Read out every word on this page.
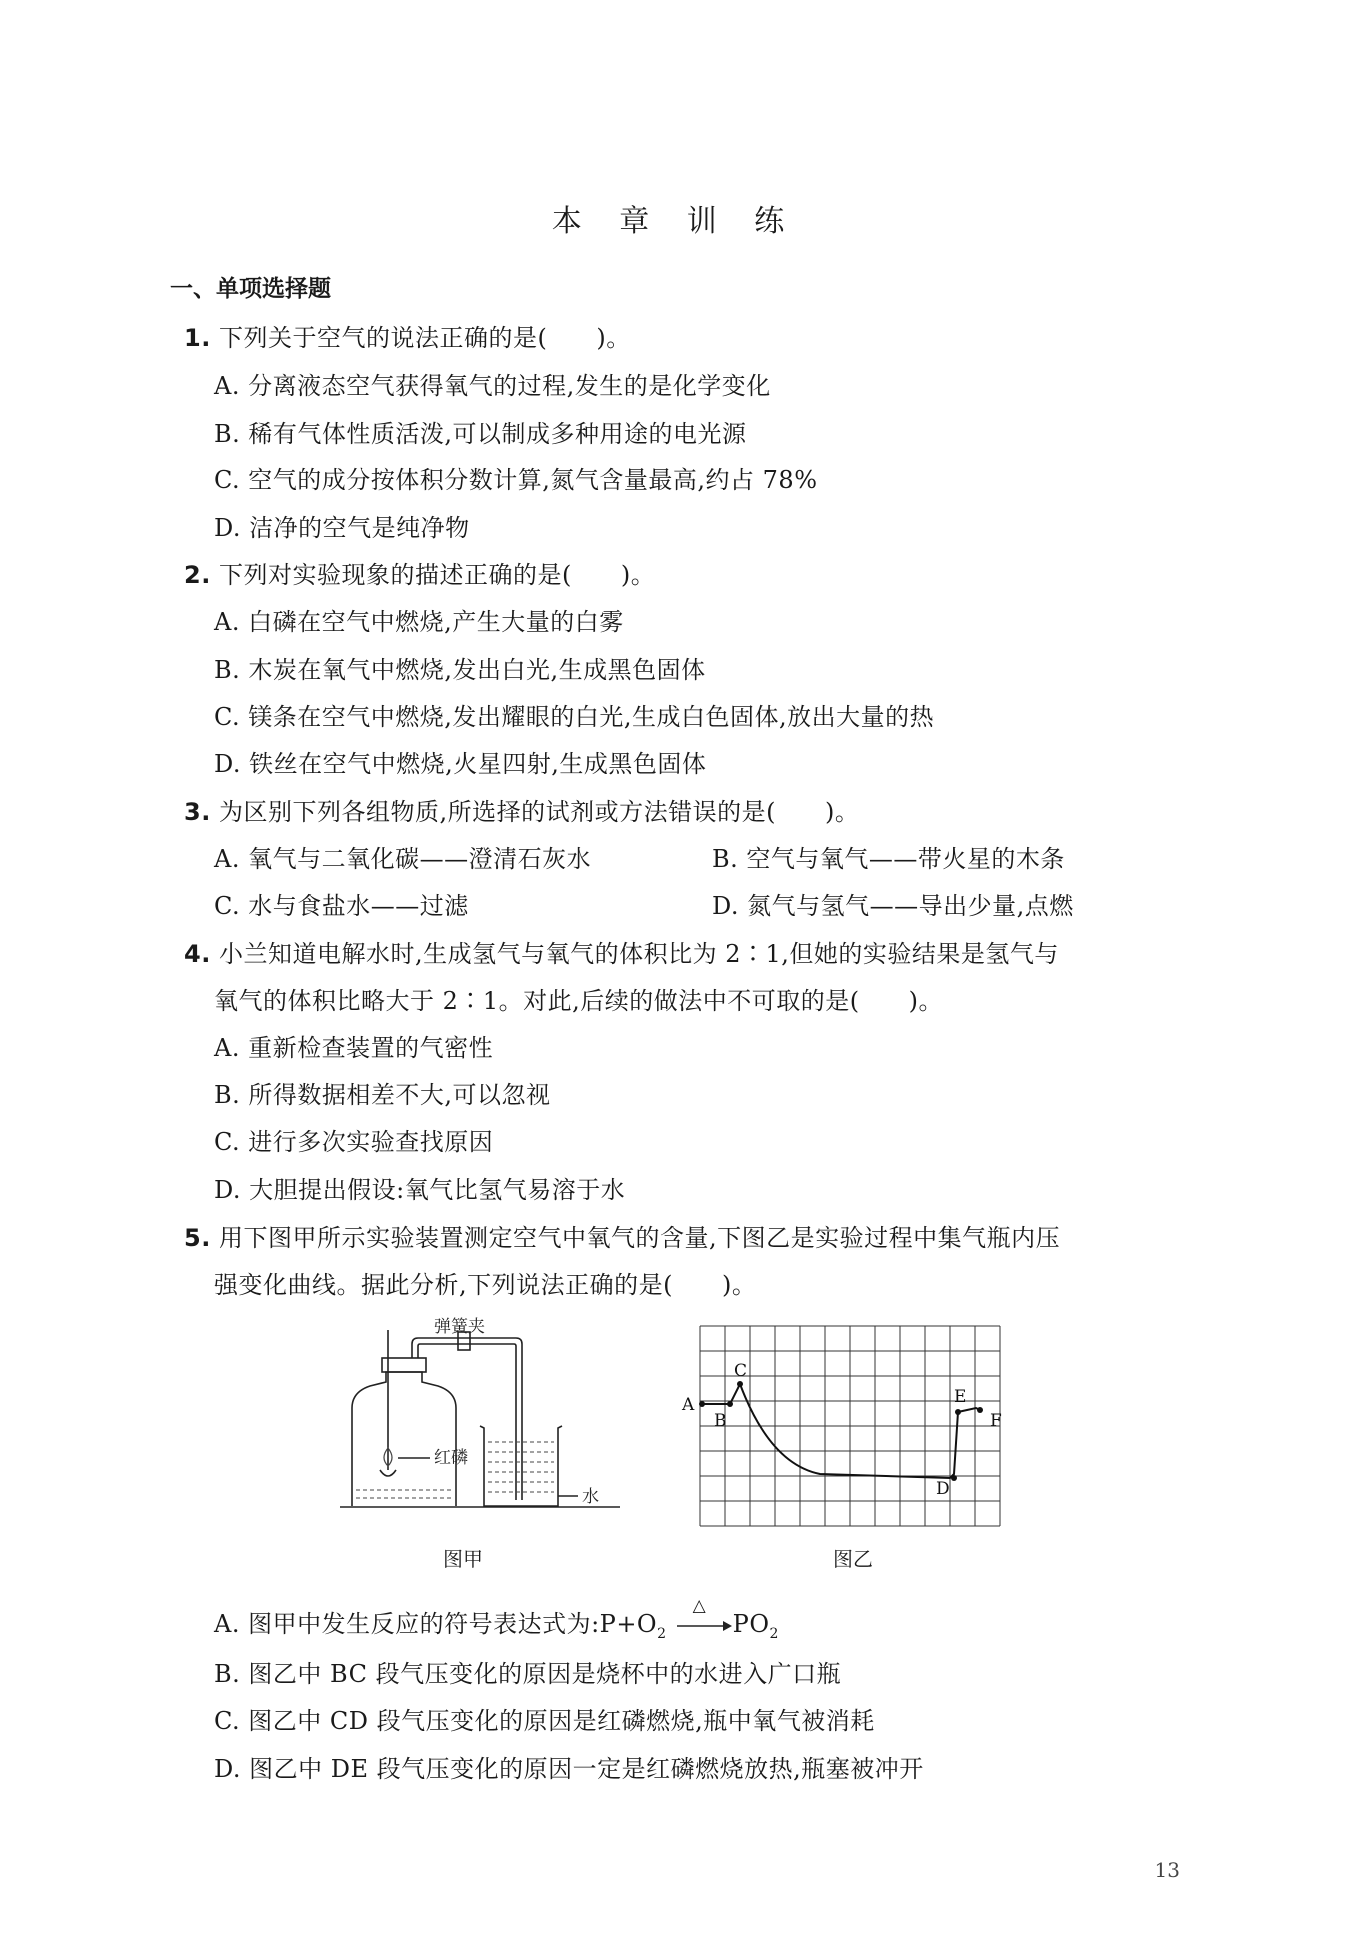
本 章 训 练
一、单项选择题
1. 下列关于空气的说法正确的是(　　)。
A. 分离液态空气获得氧气的过程,发生的是化学变化
B. 稀有气体性质活泼,可以制成多种用途的电光源
C. 空气的成分按体积分数计算,氮气含量最高,约占 78%
D. 洁净的空气是纯净物
2. 下列对实验现象的描述正确的是(　　)。
A. 白磷在空气中燃烧,产生大量的白雾
B. 木炭在氧气中燃烧,发出白光,生成黑色固体
C. 镁条在空气中燃烧,发出耀眼的白光,生成白色固体,放出大量的热
D. 铁丝在空气中燃烧,火星四射,生成黑色固体
3. 为区别下列各组物质,所选择的试剂或方法错误的是(　　)。
A. 氧气与二氧化碳——澄清石灰水	B. 空气与氧气——带火星的木条
C. 水与食盐水——过滤	D. 氮气与氢气——导出少量,点燃
4. 小兰知道电解水时,生成氢气与氧气的体积比为 2∶1,但她的实验结果是氢气与
氧气的体积比略大于 2∶1。对此,后续的做法中不可取的是(　　)。
A. 重新检查装置的气密性
B. 所得数据相差不大,可以忽视
C. 进行多次实验查找原因
D. 大胆提出假设:氧气比氢气易溶于水
5. 用下图甲所示实验装置测定空气中氧气的含量,下图乙是实验过程中集气瓶内压
强变化曲线。据此分析,下列说法正确的是(　　)。
弹簧夹
红磷
水
图甲
A
B
C
D
E
F
图乙
A. 图甲中发生反应的符号表达式为$:P+O_2$
△
$PO_2$
B. 图乙中 BC 段气压变化的原因是烧杯中的水进入广口瓶
C. 图乙中 CD 段气压变化的原因是红磷燃烧,瓶中氧气被消耗
D. 图乙中 DE 段气压变化的原因一定是红磷燃烧放热,瓶塞被冲开
13
